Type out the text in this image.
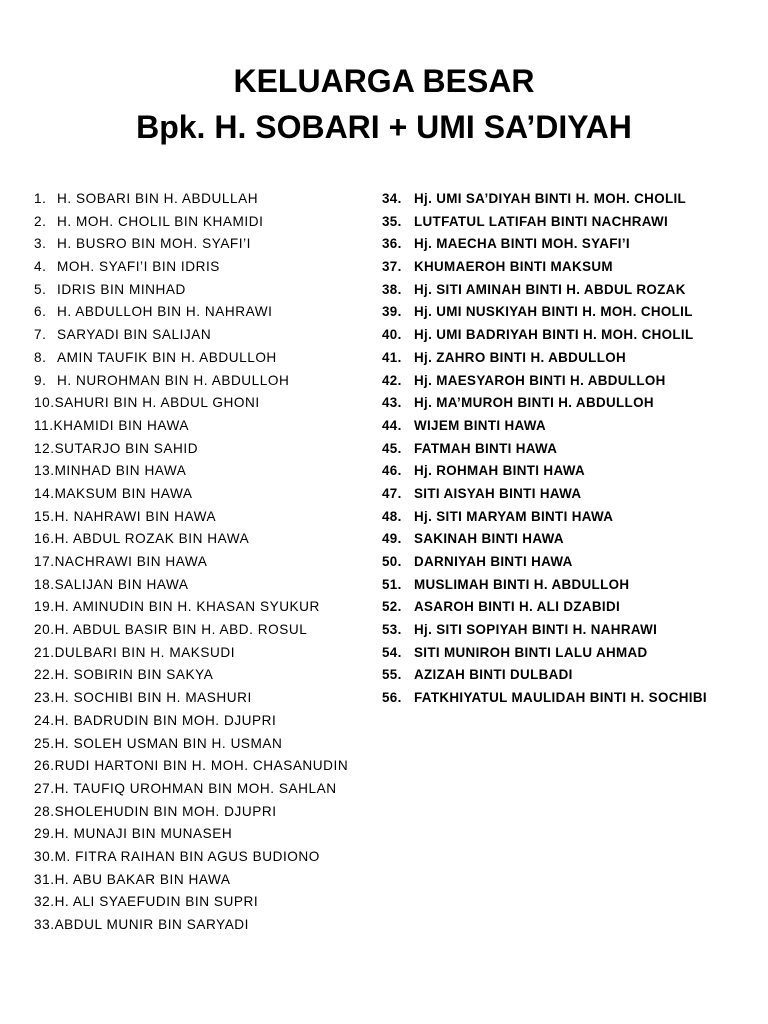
KELUARGA BESAR
Bpk. H. SOBARI + UMI SA’DIYAH
1. H. SOBARI BIN H. ABDULLAH
2. H. MOH. CHOLIL BIN KHAMIDI
3. H. BUSRO BIN MOH. SYAFI’I
4. MOH. SYAFI’I BIN IDRIS
5. IDRIS BIN MINHAD
6. H. ABDULLOH BIN H. NAHRAWI
7. SARYADI BIN SALIJAN
8. AMIN TAUFIK BIN H. ABDULLOH
9. H. NUROHMAN BIN H. ABDULLOH
10.SAHURI BIN H. ABDUL GHONI
11.KHAMIDI BIN HAWA
12.SUTARJO BIN SAHID
13.MINHAD BIN HAWA
14.MAKSUM BIN HAWA
15.H. NAHRAWI BIN HAWA
16.H. ABDUL ROZAK BIN HAWA
17.NACHRAWI BIN HAWA
18.SALIJAN BIN HAWA
19.H. AMINUDIN BIN H. KHASAN SYUKUR
20.H. ABDUL BASIR BIN H. ABD. ROSUL
21.DULBARI BIN H. MAKSUDI
22.H. SOBIRIN BIN SAKYA
23.H. SOCHIBI BIN H. MASHURI
24.H. BADRUDIN BIN MOH. DJUPRI
25.H. SOLEH USMAN BIN H. USMAN
26.RUDI HARTONI BIN H. MOH. CHASANUDIN
27.H. TAUFIQ UROHMAN BIN MOH. SAHLAN
28.SHOLEHUDIN BIN MOH. DJUPRI
29.H. MUNAJI BIN MUNASEH
30.M. FITRA RAIHAN BIN AGUS BUDIONO
31.H. ABU BAKAR BIN HAWA
32.H. ALI SYAEFUDIN BIN SUPRI
33.ABDUL MUNIR BIN SARYADI
34. Hj. UMI SA’DIYAH BINTI H. MOH. CHOLIL
35. LUTFATUL LATIFAH BINTI NACHRAWI
36. Hj. MAECHA BINTI MOH. SYAFI’I
37. KHUMAEROH BINTI MAKSUM
38. Hj. SITI AMINAH BINTI H. ABDUL ROZAK
39. Hj. UMI NUSKIYAH BINTI H. MOH. CHOLIL
40. Hj. UMI BADRIYAH BINTI H. MOH. CHOLIL
41. Hj. ZAHRO BINTI H. ABDULLOH
42. Hj. MAESYAROH BINTI H. ABDULLOH
43. Hj. MA’MUROH BINTI H. ABDULLOH
44. WIJEM BINTI HAWA
45. FATMAH BINTI HAWA
46. Hj. ROHMAH BINTI HAWA
47. SITI AISYAH BINTI HAWA
48. Hj. SITI MARYAM BINTI HAWA
49. SAKINAH BINTI HAWA
50. DARNIYAH BINTI HAWA
51. MUSLIMAH BINTI H. ABDULLOH
52. ASAROH BINTI H. ALI DZABIDI
53. Hj. SITI SOPIYAH BINTI H. NAHRAWI
54. SITI MUNIROH BINTI LALU AHMAD
55. AZIZAH BINTI DULBADI
56. FATKHIYATUL MAULIDAH BINTI H. SOCHIBI
